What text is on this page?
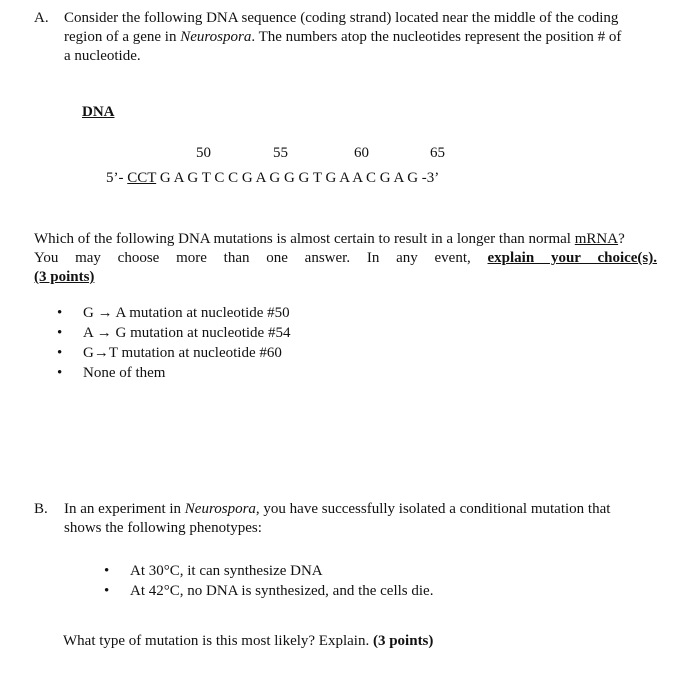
A. Consider the following DNA sequence (coding strand) located near the middle of the coding
region of a gene in Neurospora. The numbers atop the nucleotides represent the position # of
a nucleotide.
DNA
50	55	60	65
5’- CCT G A G T C C G A G G G T G A A C G A G -3’
Which of the following DNA mutations is almost certain to result in a longer than normal mRNA?
You may choose more than one answer. In any event, explain your choice(s).
(3 points)
• G → A mutation at nucleotide #50
• A → G mutation at nucleotide #54
• G→T mutation at nucleotide #60
• None of them
B. In an experiment in Neurospora, you have successfully isolated a conditional mutation that
shows the following phenotypes:
• At 30°C, it can synthesize DNA
• At 42°C, no DNA is synthesized, and the cells die.
What type of mutation is this most likely? Explain. (3 points)
